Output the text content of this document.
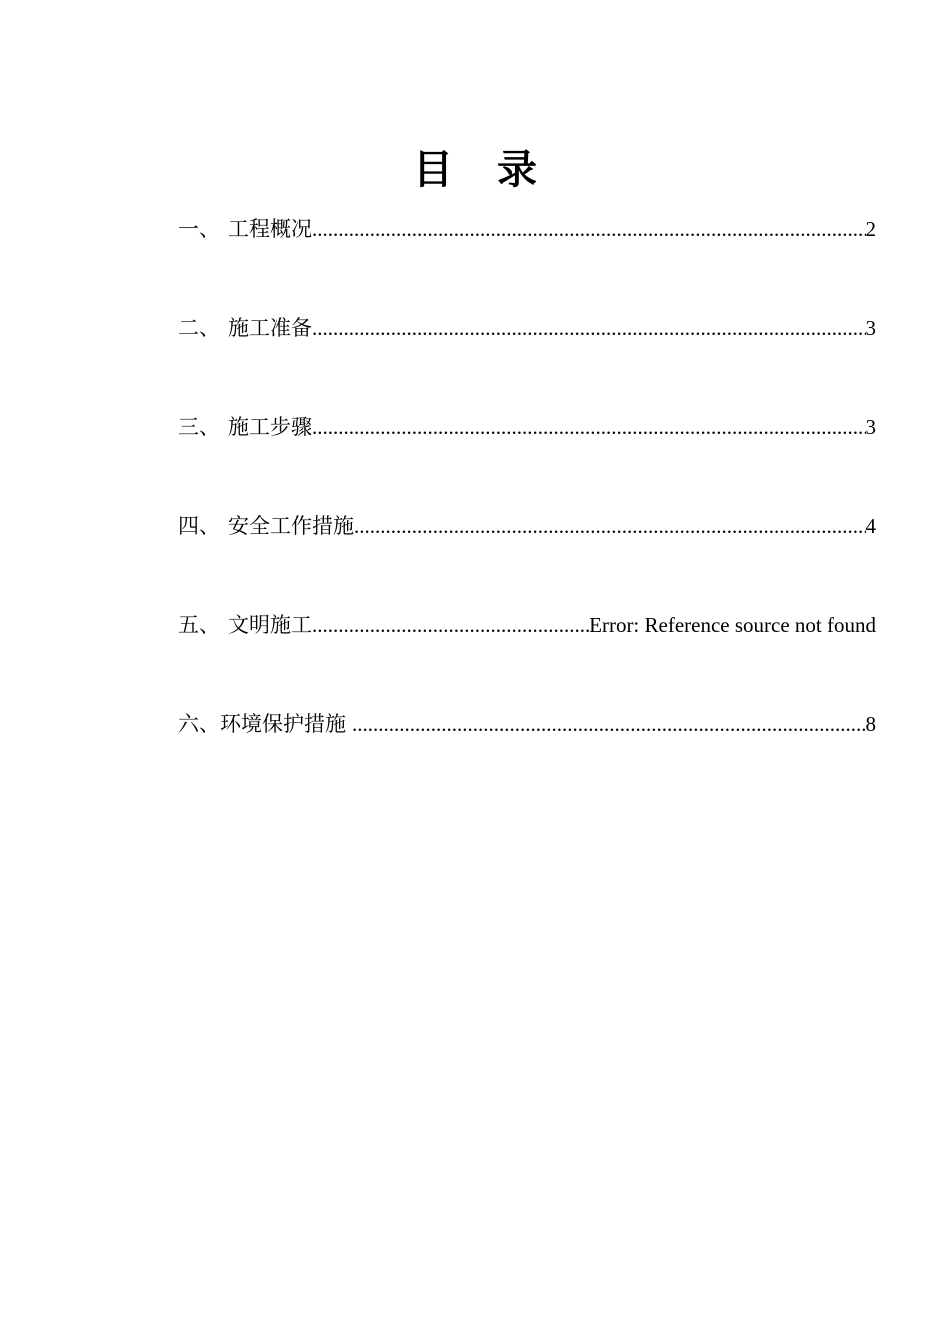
目 录
一、 工程概况 .....	2
二、 施工准备 .....	3
三、 施工步骤 .....	3
四、 安全工作措施 .....	4
五、 文明施工 .....	Error: Reference source not found
六、 环境保护措施 .....	8
